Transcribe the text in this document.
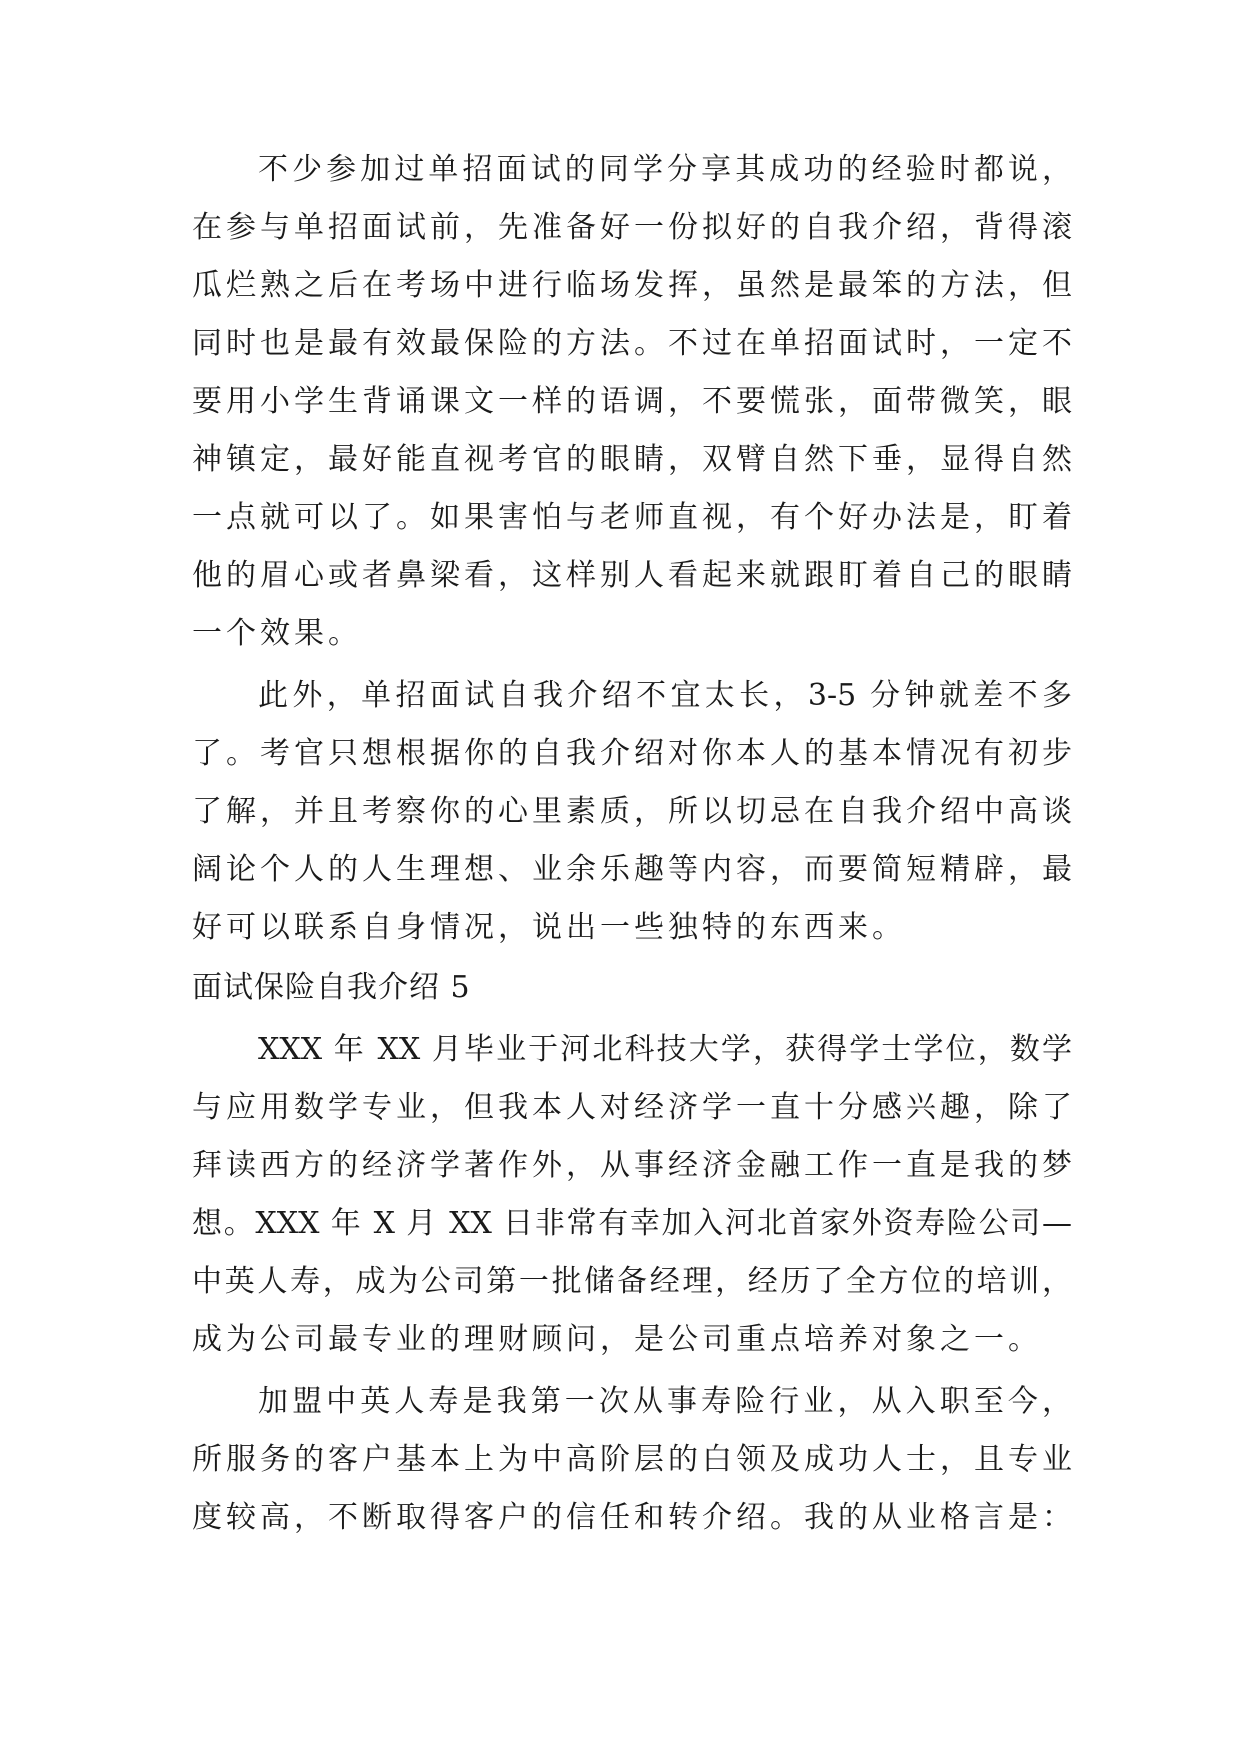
不少参加过单招面试的同学分享其成功的经验时都说，
在参与单招面试前，先准备好一份拟好的自我介绍，背得滚
瓜烂熟之后在考场中进行临场发挥，虽然是最笨的方法，但
同时也是最有效最保险的方法。不过在单招面试时，一定不
要用小学生背诵课文一样的语调，不要慌张，面带微笑，眼
神镇定，最好能直视考官的眼睛，双臂自然下垂，显得自然
一点就可以了。如果害怕与老师直视，有个好办法是，盯着
他的眉心或者鼻梁看，这样别人看起来就跟盯着自己的眼睛
一个效果。
此外，单招面试自我介绍不宜太长，3-5 分钟就差不多
了。考官只想根据你的自我介绍对你本人的基本情况有初步
了解，并且考察你的心里素质，所以切忌在自我介绍中高谈
阔论个人的人生理想、业余乐趣等内容，而要简短精辟，最
好可以联系自身情况，说出一些独特的东西来。
面试保险自我介绍 5
XXX 年 XX 月毕业于河北科技大学，获得学士学位，数学
与应用数学专业，但我本人对经济学一直十分感兴趣，除了
拜读西方的经济学著作外，从事经济金融工作一直是我的梦
想。XXX 年 X 月 XX 日非常有幸加入河北首家外资寿险公司—
中英人寿，成为公司第一批储备经理，经历了全方位的培训，
成为公司最专业的理财顾问，是公司重点培养对象之一。
加盟中英人寿是我第一次从事寿险行业，从入职至今，
所服务的客户基本上为中高阶层的白领及成功人士，且专业
度较高，不断取得客户的信任和转介绍。我的从业格言是：
